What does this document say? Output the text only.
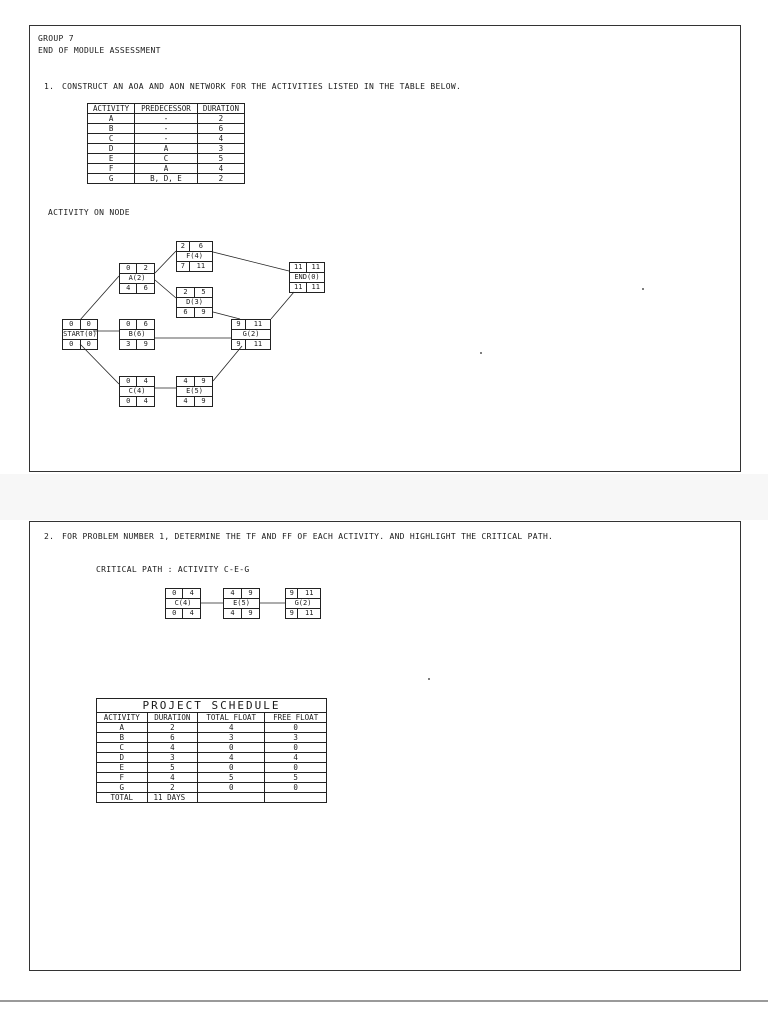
GROUP 7
END OF MODULE ASSESSMENT
1. CONSTRUCT AN AOA AND AON NETWORK FOR THE ACTIVITIES LISTED IN THE TABLE BELOW.
ACTIVITY	PREDECESSOR	DURATION
A	-	2
B	-	6
C	-	4
D	A	3
E	C	5
F	A	4
G	B, D, E	2
ACTIVITY ON NODE
0	0
START(0)	
0	0
0	2
A(2)	
4	6
0	6
B(6)	
3	9
0	4
C(4)	
0	4
2	6
F(4)	
7	11
2	5
D(3)	
6	9
4	9
E(5)	
4	9
9	11
G(2)	
9	11
11	11
END(0)	
11	11
2. FOR PROBLEM NUMBER 1, DETERMINE THE TF AND FF OF EACH ACTIVITY. AND HIGHLIGHT THE CRITICAL PATH.
CRITICAL PATH : ACTIVITY C-E-G
0	4
C(4)	
0	4
4	9
E(5)	
4	9
9	11
G(2)	
9	11
PROJECT SCHEDULE			
ACTIVITY	DURATION	TOTAL FLOAT	FREE FLOAT
A	2	4	0
B	6	3	3
C	4	0	0
D	3	4	4
E	5	0	0
F	4	5	5
G	2	0	0
TOTAL	11 DAYS		
